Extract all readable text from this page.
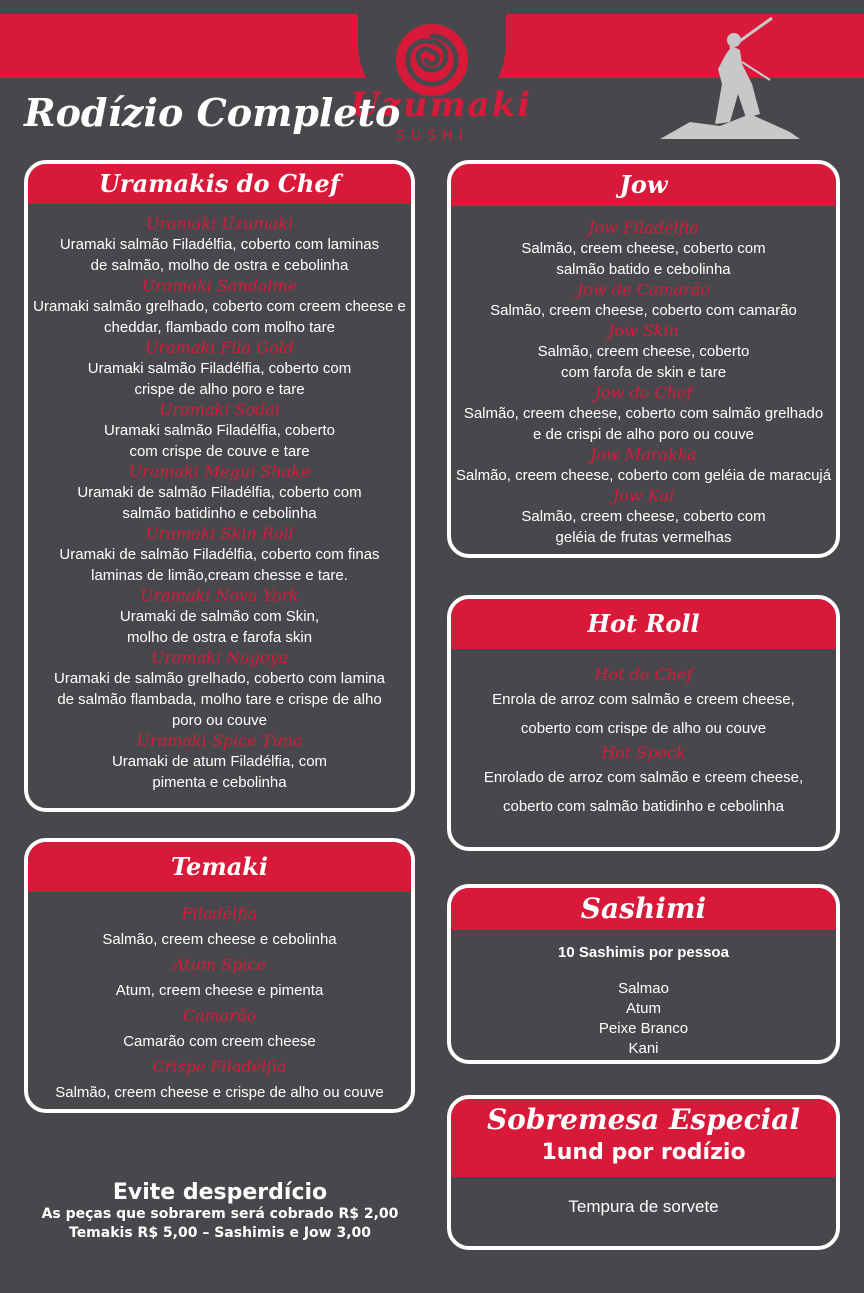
Uzumaki
SUSHI
Rodízio Completo
Uramakis do Chef
Uramaki Uzumaki
Uramaki salmão Filadélfia, coberto com laminas
de salmão, molho de ostra e cebolinha
Uramaki Sandaime
Uramaki salmão grelhado, coberto com creem cheese e
cheddar, flambado com molho tare
Uramaki Fila Gold
Uramaki salmão Filadélfia, coberto com
crispe de alho poro e tare
Uramaki Sodai
Uramaki salmão Filadélfia, coberto
com crispe de couve e tare
Uramaki Megui Shake
Uramaki de salmão Filadélfia, coberto com
salmão batidinho e cebolinha
Uramaki Skin Roll
Uramaki de salmão Filadélfia, coberto com finas
laminas de limão,cream chesse e tare.
Uramaki Nova York
Uramaki de salmão com Skin,
molho de ostra e farofa skin
Uramaki Nagoya
Uramaki de salmão grelhado, coberto com lamina
de salmão flambada, molho tare e crispe de alho
poro ou couve
Uramaki Spice Tuna
Uramaki de atum Filadélfia, com
pimenta e cebolinha
Jow
Jow Filadélfia
Salmão, creem cheese, coberto com
salmão batido e cebolinha
Jow de Camarão
Salmão, creem cheese, coberto com camarão
Jow Skin
Salmão, creem cheese, coberto
com farofa de skin e tare
Jow do Chef
Salmão, creem cheese, coberto com salmão grelhado
e de crispi de alho poro ou couve
Jow Marakka
Salmão, creem cheese, coberto com geléia de maracujá
Jow Kai
Salmão, creem cheese, coberto com
geléia de frutas vermelhas
Hot Roll
Hot do Chef
Enrola de arroz com salmão e creem cheese,
coberto com crispe de alho ou couve
Hot Spock
Enrolado de arroz com salmão e creem cheese,
coberto com salmão batidinho e cebolinha
Temaki
Filadélfia
Salmão, creem cheese e cebolinha
Atum Spice
Atum, creem cheese e pimenta
Camarão
Camarão com creem cheese
Crispe Filadélfia
Salmão, creem cheese e crispe de alho ou couve
Sashimi
10 Sashimis por pessoa
Salmao
Atum
Peixe Branco
Kani
Sobremesa Especial
1und por rodízio
Tempura de sorvete
Evite desperdício
As peças que sobrarem será cobrado R$ 2,00
Temakis R$ 5,00 – Sashimis e Jow 3,00
